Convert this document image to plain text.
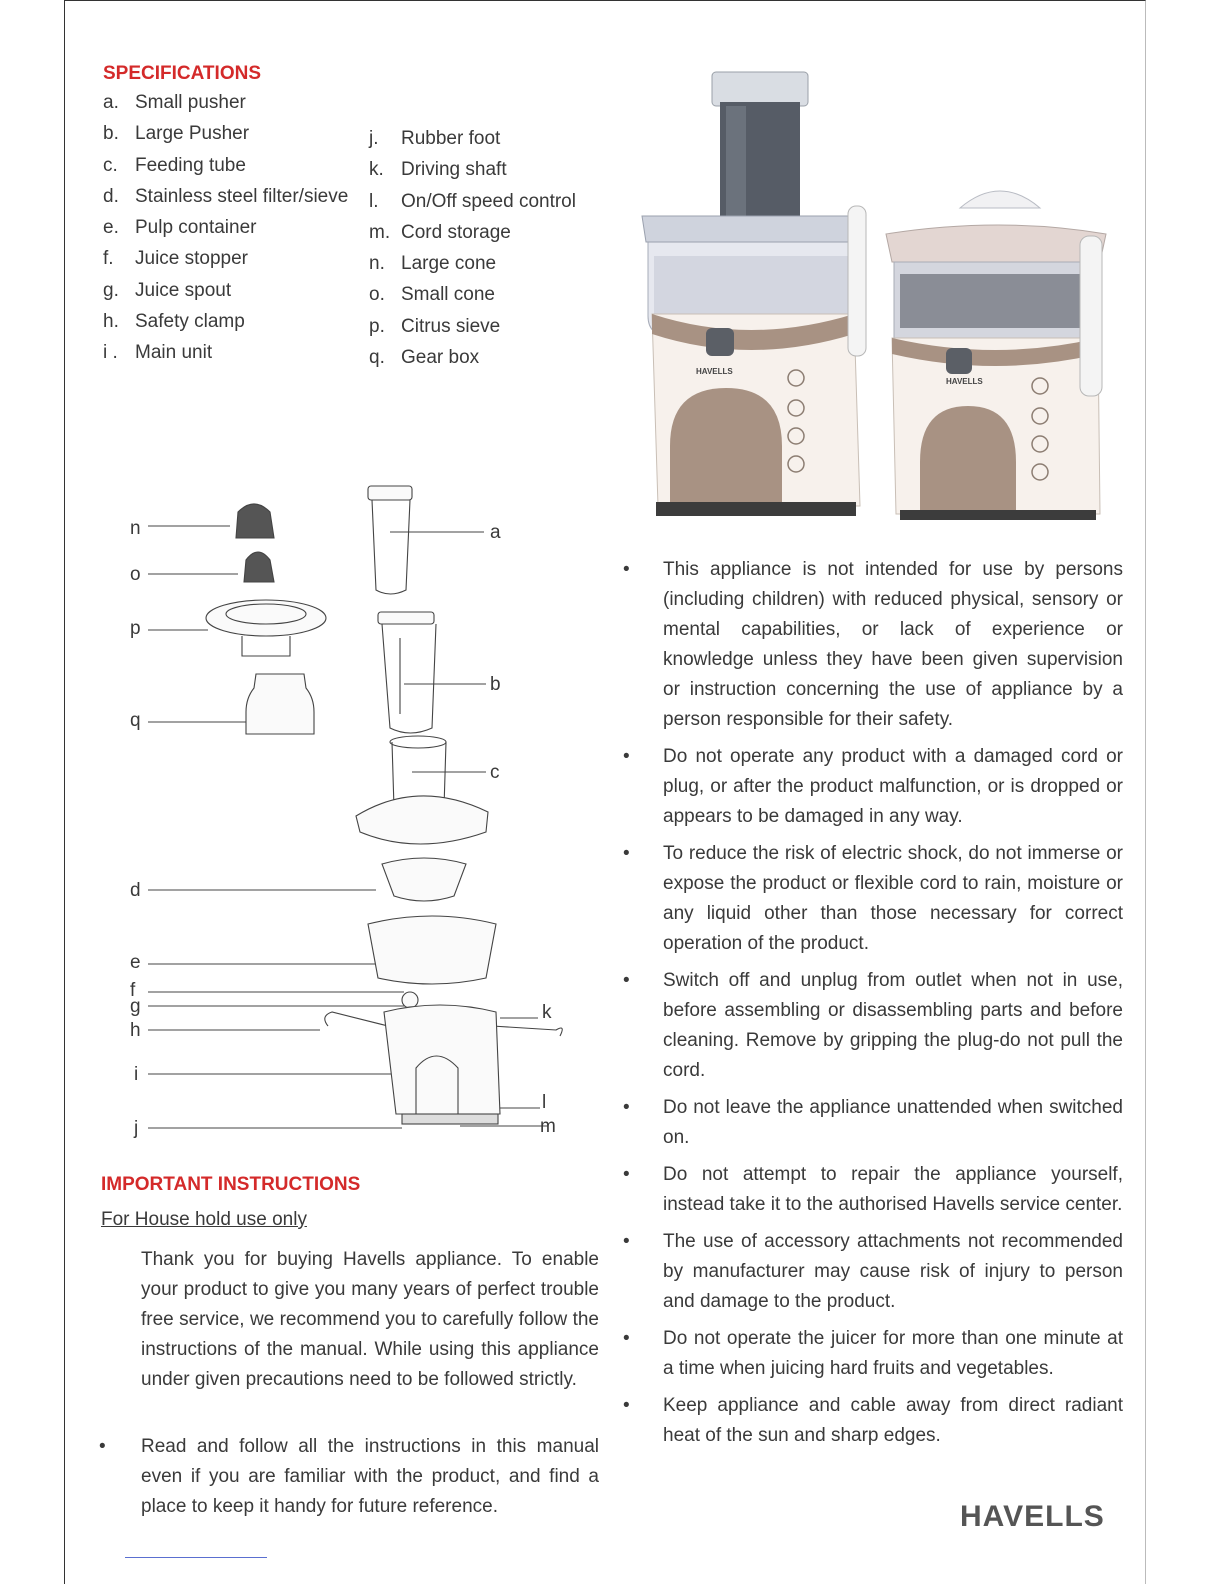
SPECIFICATIONS
a. Small pusher
b. Large Pusher
c. Feeding tube
d. Stainless steel filter/sieve
e. Pulp container
f.	Juice stopper
g. Juice spout
h. Safety clamp
i . Main unit
j.	Rubber foot
k. Driving shaft
l.	On/Off speed control
m. Cord storage
n. Large cone
o. Small cone
p. Citrus sieve
q. Gear box
HAVELLS
HAVELLS
n
o
p
q
d
e
f
g
h
i
j
a
b
c
k
l
m
• This appliance is not intended for use by persons (including children) with reduced physical, sensory or mental capabilities, or lack of experience or knowledge unless they have been given supervision or instruction concerning the use of appliance by a person responsible for their safety.
• Do not operate any product with a damaged cord or plug, or after the product malfunction, or is dropped or appears to be damaged in any way.
• To reduce the risk of electric shock, do not immerse or expose the product or flexible cord to rain, moisture or any liquid other than those necessary for correct operation of the product.
• Switch off and unplug from outlet when not in use, before assembling or disassembling parts and before cleaning. Remove by gripping the plug-do not pull the cord.
• Do not leave the appliance unattended when switched on.
• Do not attempt to repair the appliance yourself, instead take it to the authorised Havells service center.
• The use of accessory attachments not recommended by manufacturer may cause risk of injury to person and damage to the product.
• Do not operate the juicer for more than one minute at a time when juicing hard fruits and vegetables.
• Keep appliance and cable away from direct radiant heat of the sun and sharp edges.
IMPORTANT INSTRUCTIONS

For House hold use only

Thank you for buying Havells appliance. To enable your product to give you many years of perfect trouble free service, we recommend you to carefully follow the instructions of the manual. While using this appliance under given precautions need to be followed strictly.

• Read and follow all the instructions in this manual even if you are familiar with the product, and find a place to keep it handy for future reference.	HAVELLS
